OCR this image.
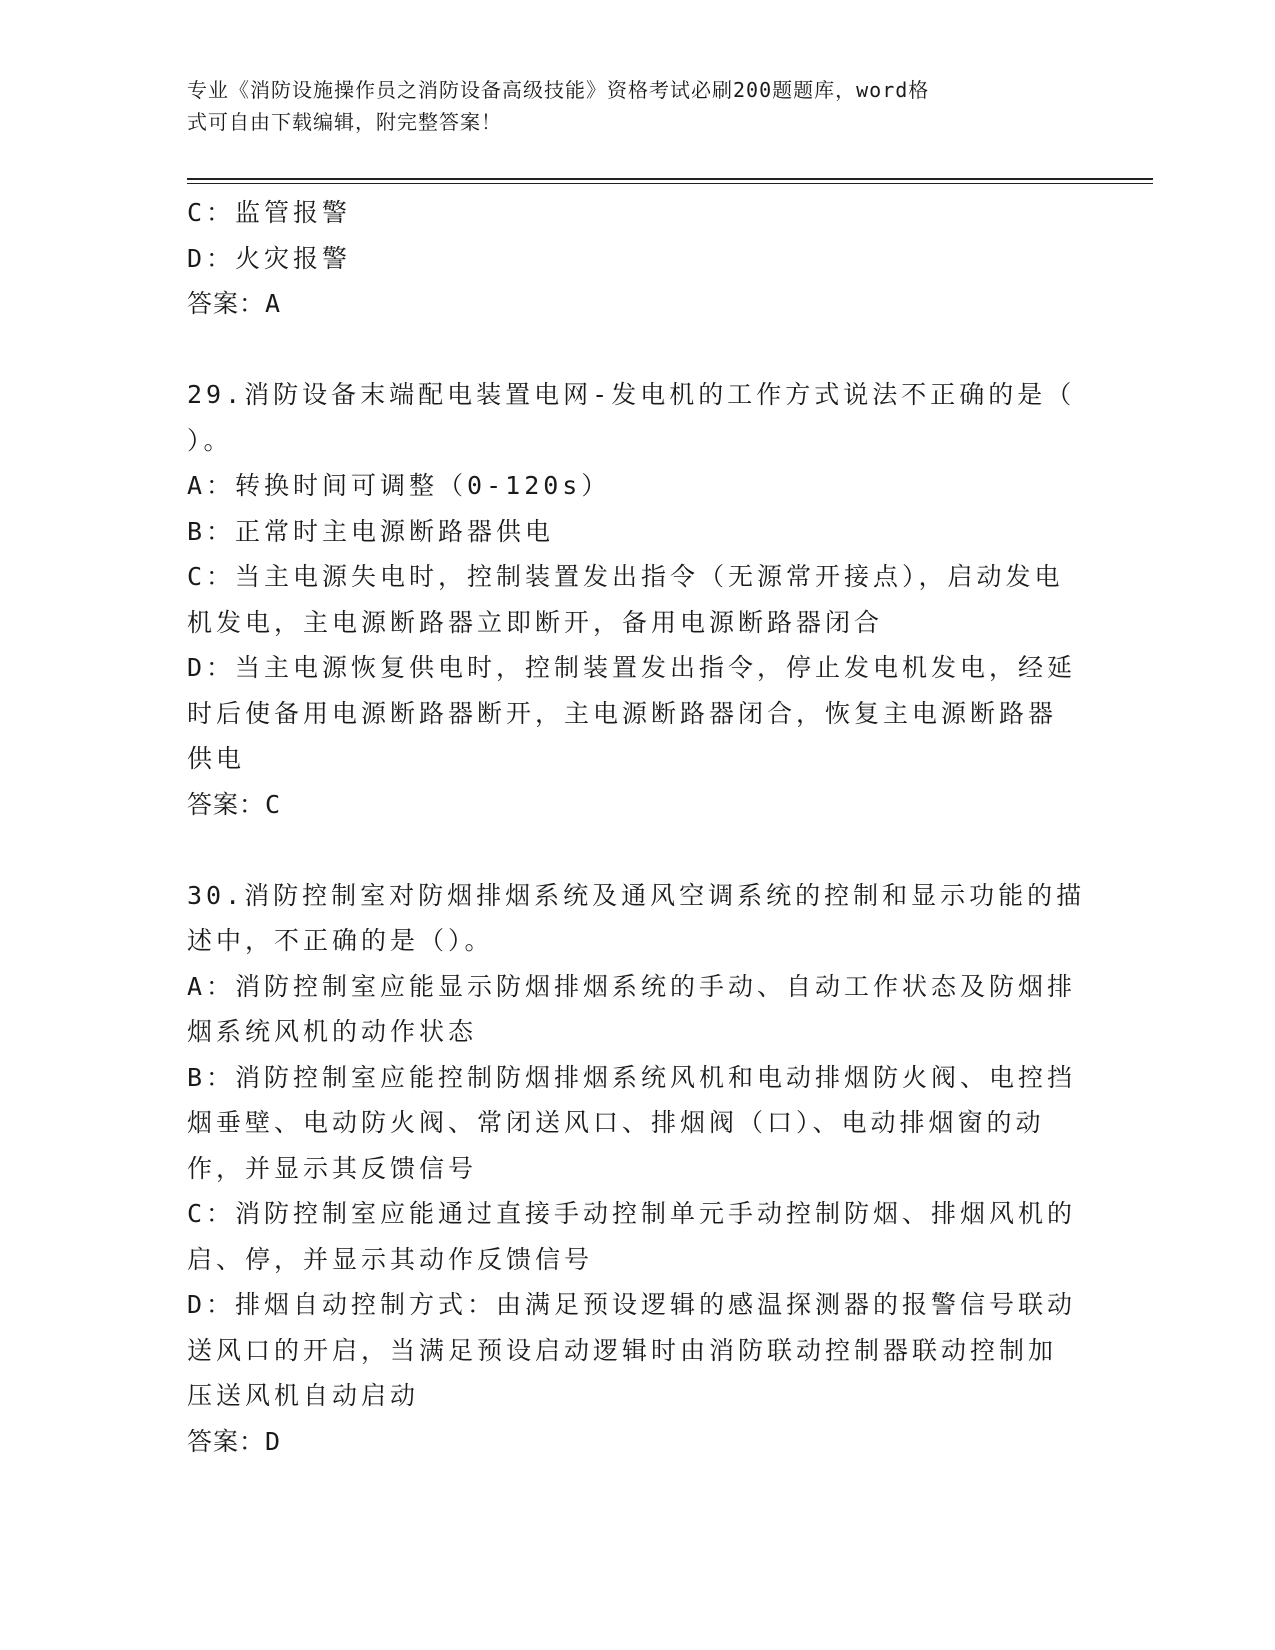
专业《消防设施操作员之消防设备高级技能》资格考试必刷200题题库，word格
式可自由下载编辑，附完整答案！
C：监管报警
D：火灾报警
答案：A
29.消防设备末端配电装置电网-发电机的工作方式说法不正确的是（
）。
A：转换时间可调整（0-120s）
B：正常时主电源断路器供电
C：当主电源失电时，控制装置发出指令（无源常开接点），启动发电
机发电，主电源断路器立即断开，备用电源断路器闭合
D：当主电源恢复供电时，控制装置发出指令，停止发电机发电，经延
时后使备用电源断路器断开，主电源断路器闭合，恢复主电源断路器
供电
答案：C
30.消防控制室对防烟排烟系统及通风空调系统的控制和显示功能的描
述中，不正确的是（）。
A：消防控制室应能显示防烟排烟系统的手动、自动工作状态及防烟排
烟系统风机的动作状态
B：消防控制室应能控制防烟排烟系统风机和电动排烟防火阀、电控挡
烟垂壁、电动防火阀、常闭送风口、排烟阀（口）、电动排烟窗的动
作，并显示其反馈信号
C：消防控制室应能通过直接手动控制单元手动控制防烟、排烟风机的
启、停，并显示其动作反馈信号
D：排烟自动控制方式：由满足预设逻辑的感温探测器的报警信号联动
送风口的开启，当满足预设启动逻辑时由消防联动控制器联动控制加
压送风机自动启动
答案：D
